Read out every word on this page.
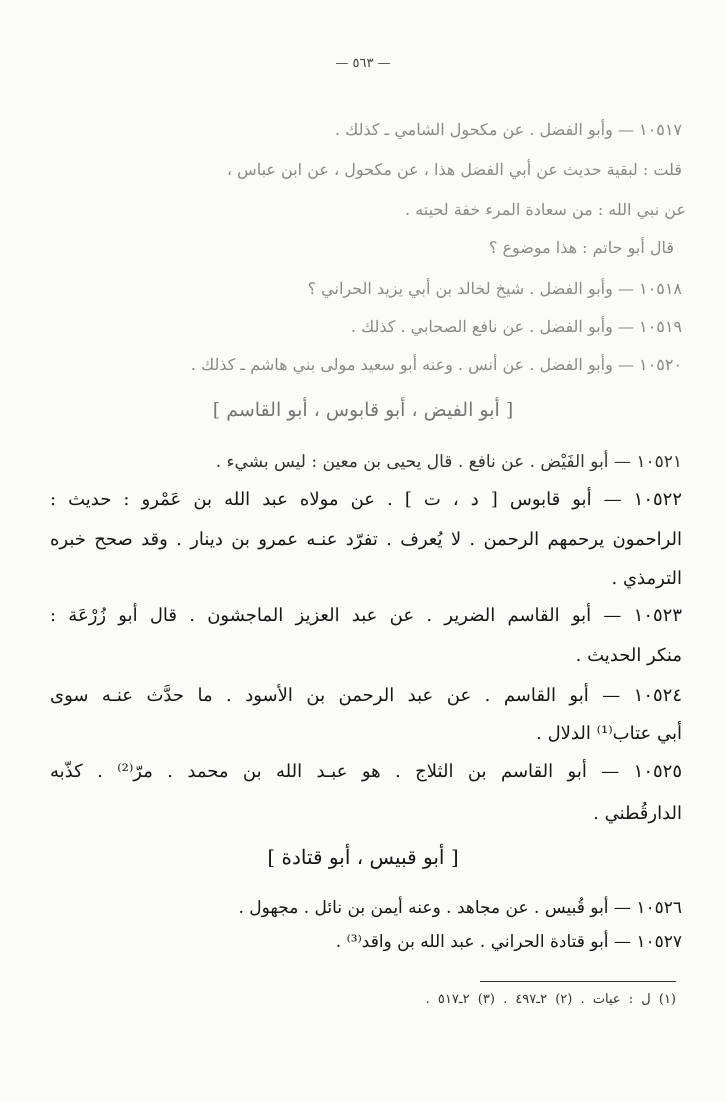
— ٥٦٣ —
١٠٥١٧ — وأبو الفضل . عن مكحول الشامي ـ كذلك .
قلت : لبقية حديث عن أبي الفضل هذا ، عن مكحول ، عن ابن عباس ،
عن نبي الله : من سعادة المرء خفة لحيته .
قال أبو حاتم : هذا موضوع ؟
١٠٥١٨ — وأبو الفضل . شيخ لخالد بن أبي يزيد الحراني ؟
١٠٥١٩ — وأبو الفضل . عن نافع الصحابي . كذلك .
١٠٥٢٠ — وأبو الفضل . عن أنس . وعنه أبو سعيد مولى بني هاشم ـ كذلك .
[ أبو الفيض ، أبو قابوس ، أبو القاسم ]
١٠٥٢١ — أبو الفَيْض . عن نافع . قال يحيى بن معين : ليس بشيء .
١٠٥٢٢ — أبو قابوس [ د ، ت ] . عن مولاه عبد الله بن عَمْرو : حديث :
الراحمون يرحمهم الرحمن . لا يُعرف . تفرّد عنـه عمرو بن دينار . وقد صحح خبره
الترمذي .
١٠٥٢٣ — أبو القاسم الضرير . عن عبد العزيز الماجشون . قال أبو زُرْعَة :
منكر الحديث .
١٠٥٢٤ — أبو القاسم . عن عبد الرحمن بن الأسود . ما حدَّث عنـه سوى
أبي عتاب⁽¹⁾ الدلال .
١٠٥٢٥ — أبو القاسم بن الثلاج . هو عبـد الله بن محمد . مرّ⁽²⁾ . كذّبه
الدارقُطني .
[ أبو قبيس ، أبو قتادة ]
١٠٥٢٦ — أبو قُبيس . عن مجاهد . وعنه أيمن بن نائل . مجهول .
١٠٥٢٧ — أبو قتادة الحراني . عبد الله بن واقد⁽³⁾ .
(١) ل : عيات . (٢) ٢ـ٤٩٧ . (٣) ٢ـ٥١٧ .
